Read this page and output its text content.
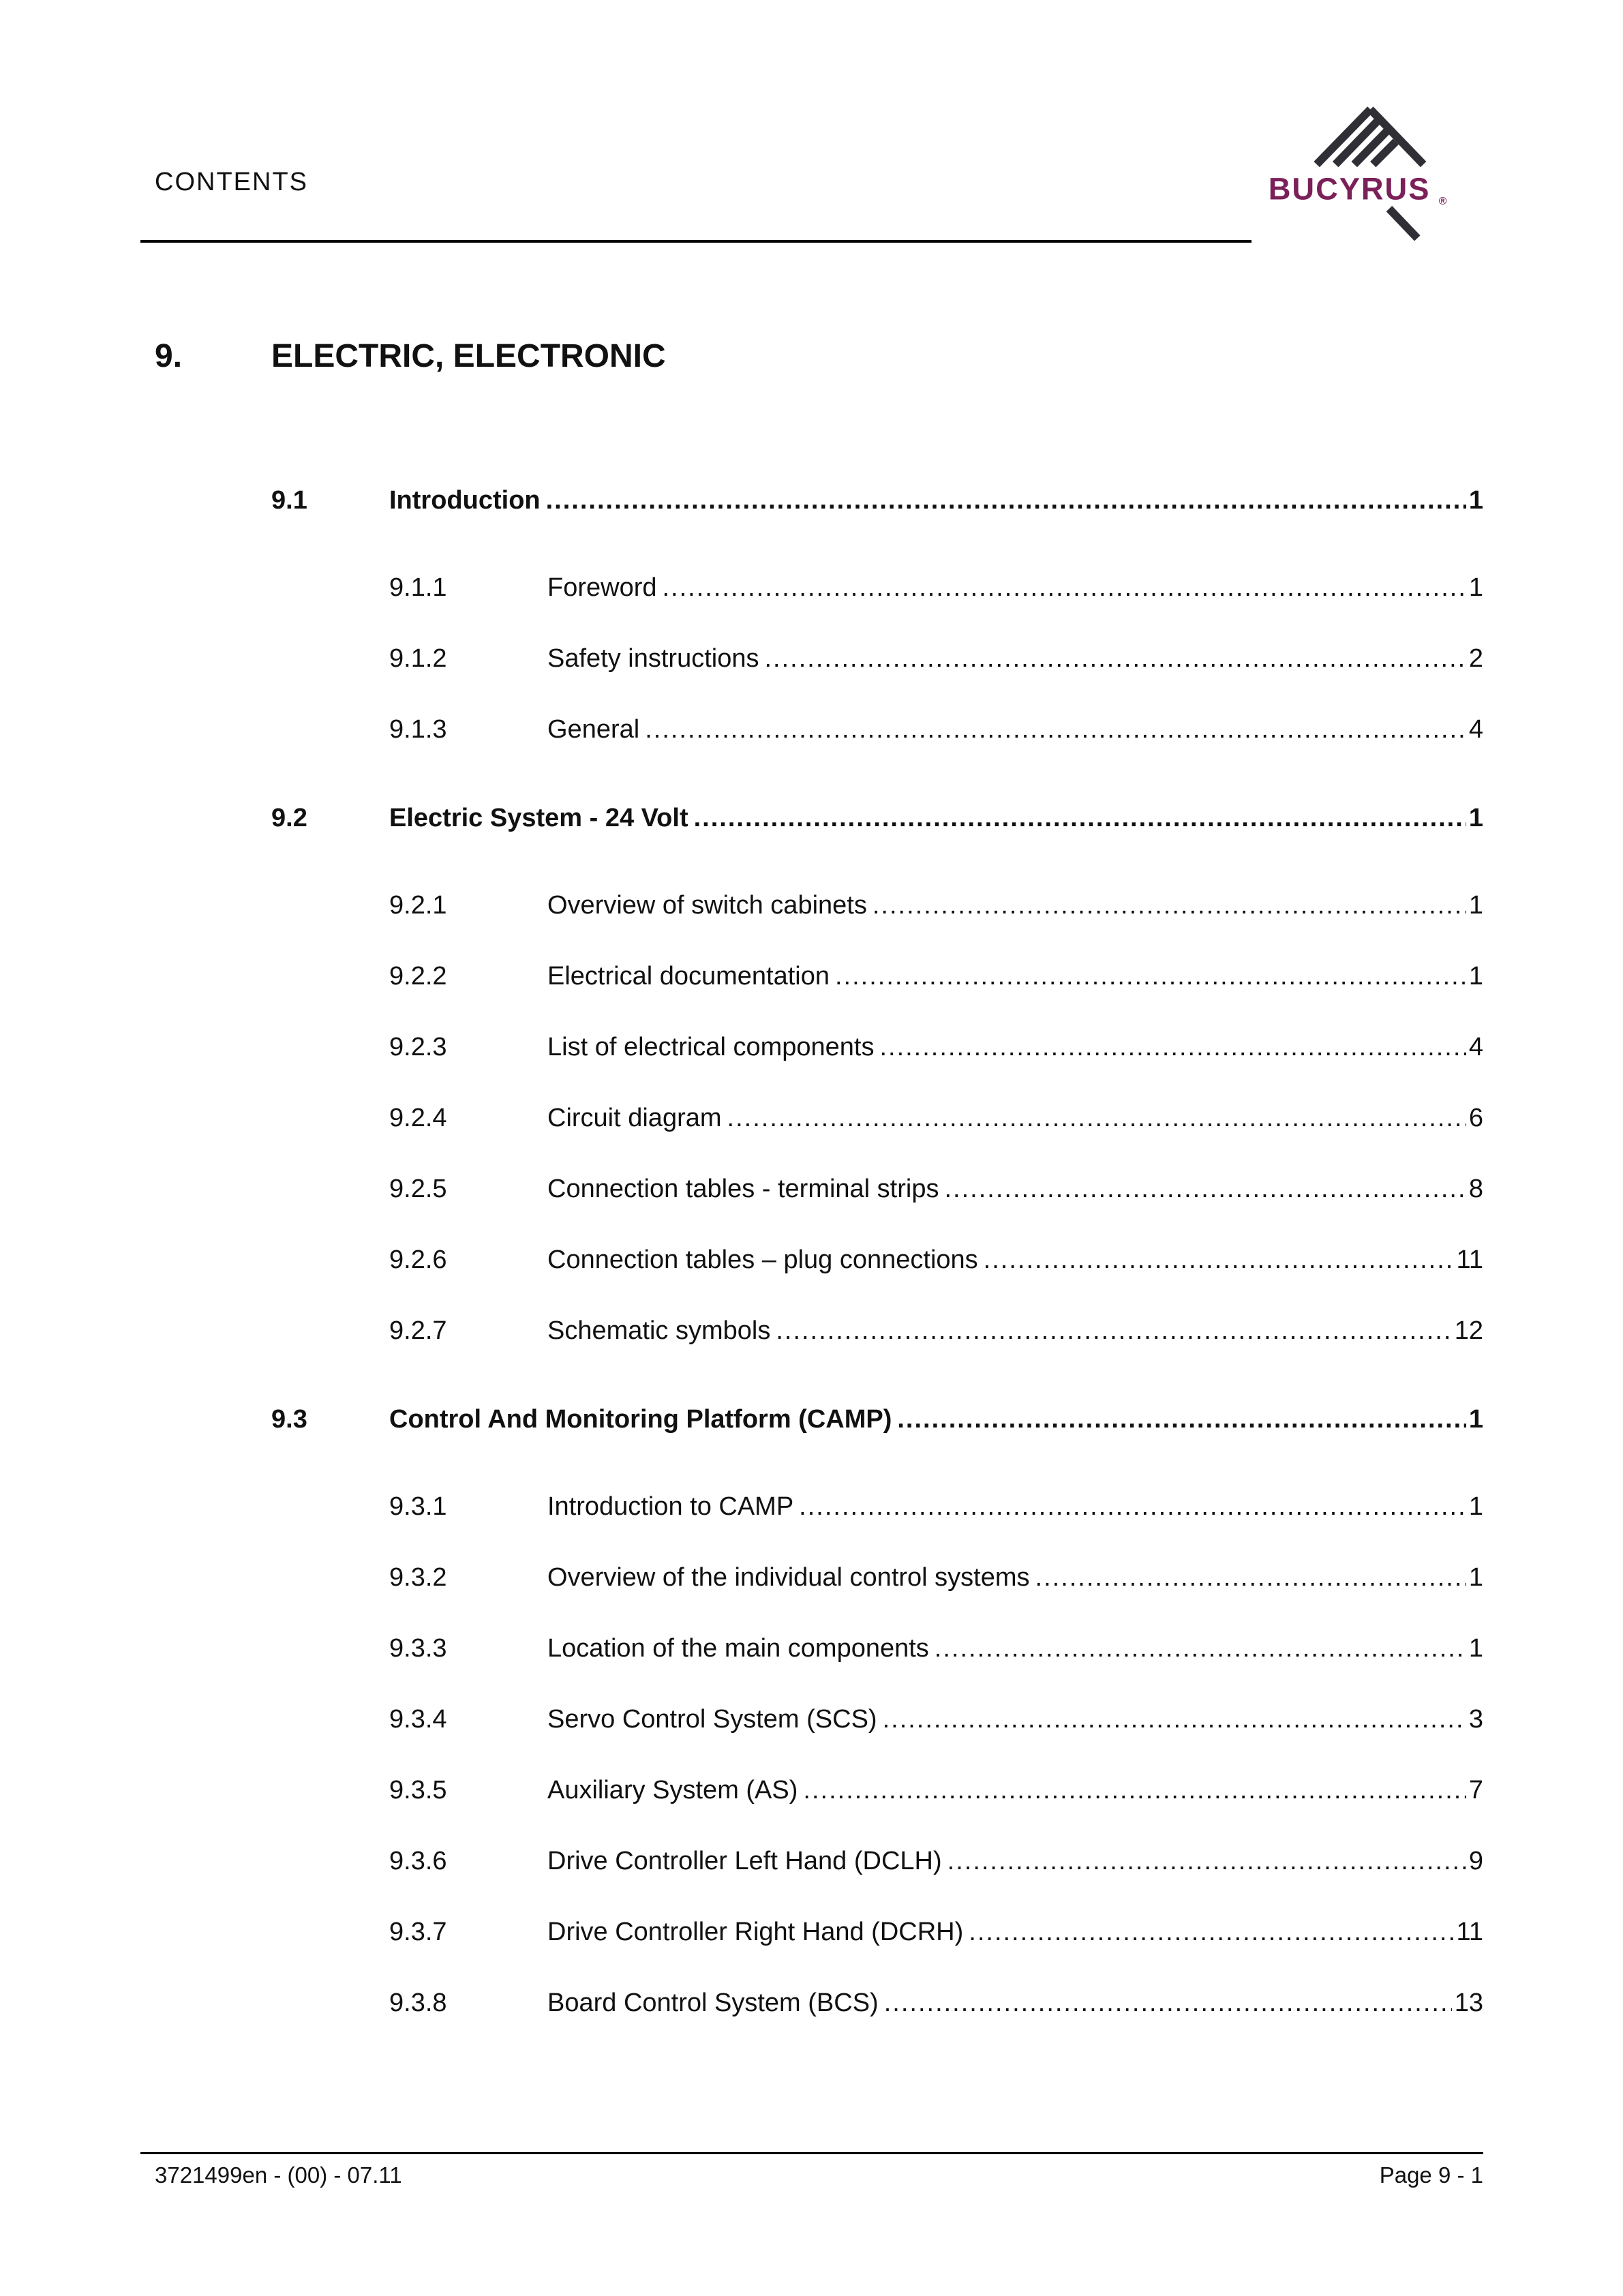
CONTENTS	BUCYRUS ®
9.	ELECTRIC, ELECTRONIC
9.1	Introduction .....	1
9.1.1	Foreword .....	1
9.1.2	Safety instructions .....	2
9.1.3	General .....	4
9.2	Electric System - 24 Volt .....	1
9.2.1	Overview of switch cabinets .....	1
9.2.2	Electrical documentation .....	1
9.2.3	List of electrical components .....	4
9.2.4	Circuit diagram .....	6
9.2.5	Connection tables - terminal strips .....	8
9.2.6	Connection tables – plug connections .....	11
9.2.7	Schematic symbols .....	12
9.3	Control And Monitoring Platform (CAMP) .....	1
9.3.1	Introduction to CAMP .....	1
9.3.2	Overview of the individual control systems .....	1
9.3.3	Location of the main components .....	1
9.3.4	Servo Control System (SCS) .....	3
9.3.5	Auxiliary System (AS) .....	7
9.3.6	Drive Controller Left Hand (DCLH) .....	9
9.3.7	Drive Controller Right Hand (DCRH) .....	11
9.3.8	Board Control System (BCS) .....	13
3721499en - (00) - 07.11	Page 9 - 1
